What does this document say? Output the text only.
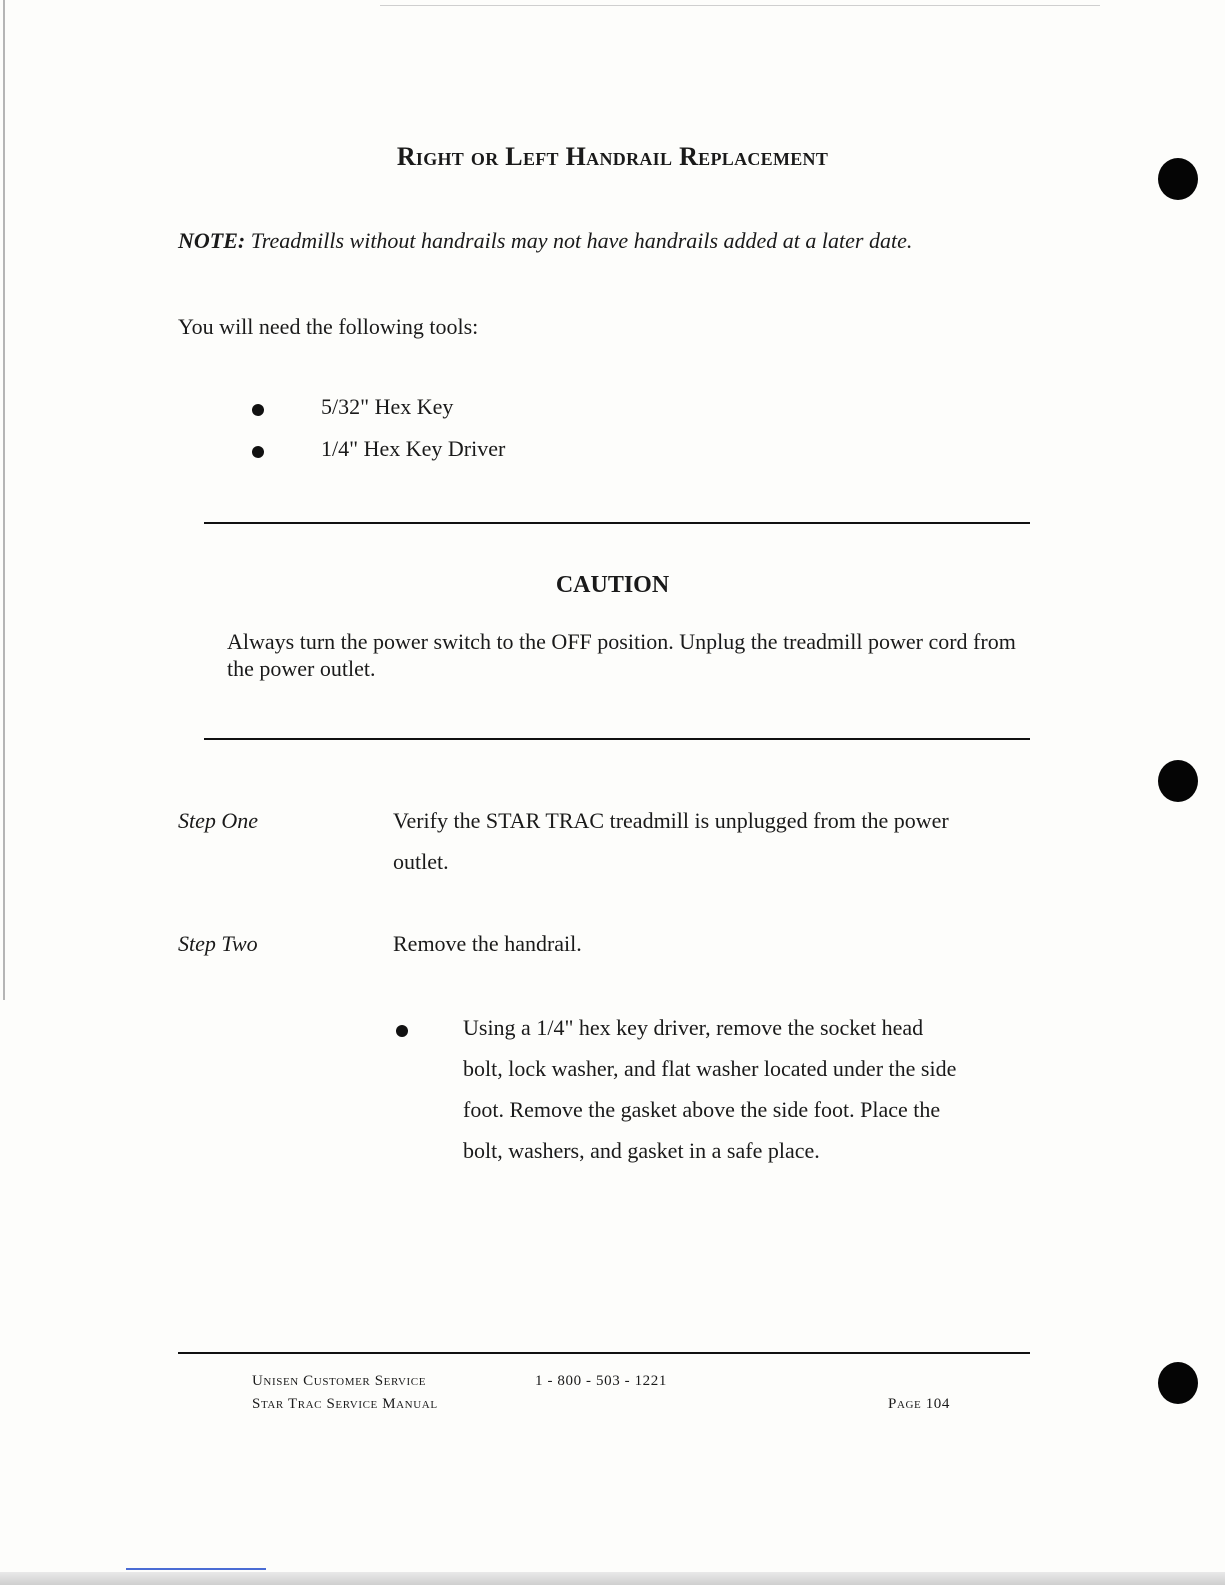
Right or Left Handrail Replacement
NOTE: Treadmills without handrails may not have handrails added at a later date.
You will need the following tools:
5/32" Hex Key
1/4" Hex Key Driver
CAUTION
Always turn the power switch to the OFF position. Unplug the treadmill power cord from the power outlet.
Step One	Verify the STAR TRAC treadmill is unplugged from the power
outlet.
Step Two	Remove the handrail.
Using a 1/4" hex key driver, remove the socket head
bolt, lock washer, and flat washer located under the side
foot. Remove the gasket above the side foot. Place the
bolt, washers, and gasket in a safe place.
Unisen Customer Service	1 - 800 - 503 - 1221
Star Trac Service Manual	Page 104
